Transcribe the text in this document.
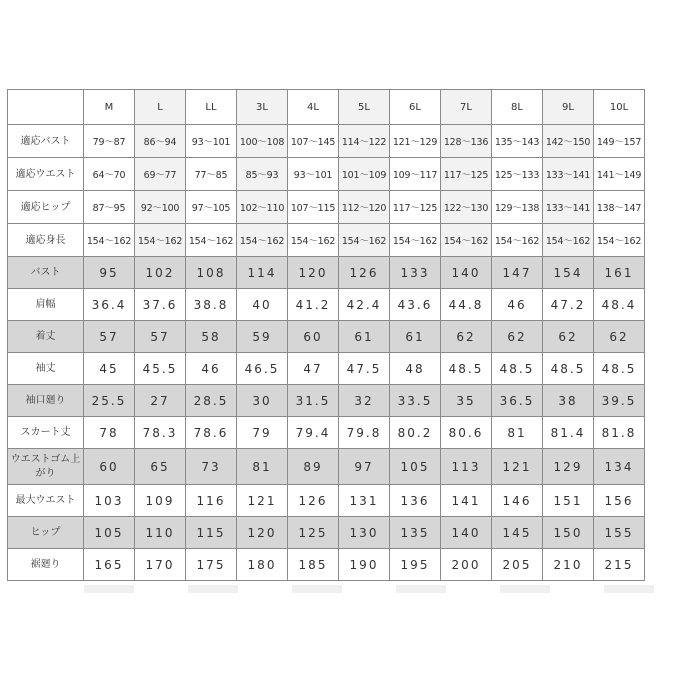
	M	L	LL	3L	4L	5L	6L	7L	8L	9L	10L
適応バスト	79～87	86～94	93～101	100～108	107～145	114～122	121～129	128～136	135～143	142～150	149～157
適応ウエスト	64～70	69～77	77～85	85～93	93～101	101～109	109～117	117～125	125～133	133～141	141～149
適応ヒップ	87～95	92～100	97～105	102～110	107～115	112～120	117～125	122～130	129～138	133～141	138～147
適応身長	154～162	154～162	154～162	154～162	154～162	154～162	154～162	154～162	154～162	154～162	154～162
バスト	95	102	108	114	120	126	133	140	147	154	161
肩幅	36.4	37.6	38.8	40	41.2	42.4	43.6	44.8	46	47.2	48.4
着丈	57	57	58	59	60	61	61	62	62	62	62
袖丈	45	45.5	46	46.5	47	47.5	48	48.5	48.5	48.5	48.5
袖口廻り	25.5	27	28.5	30	31.5	32	33.5	35	36.5	38	39.5
スカート丈	78	78.3	78.6	79	79.4	79.8	80.2	80.6	81	81.4	81.8
ウエストゴム上がり	60	65	73	81	89	97	105	113	121	129	134
最大ウエスト	103	109	116	121	126	131	136	141	146	151	156
ヒップ	105	110	115	120	125	130	135	140	145	150	155
裾廻り	165	170	175	180	185	190	195	200	205	210	215
